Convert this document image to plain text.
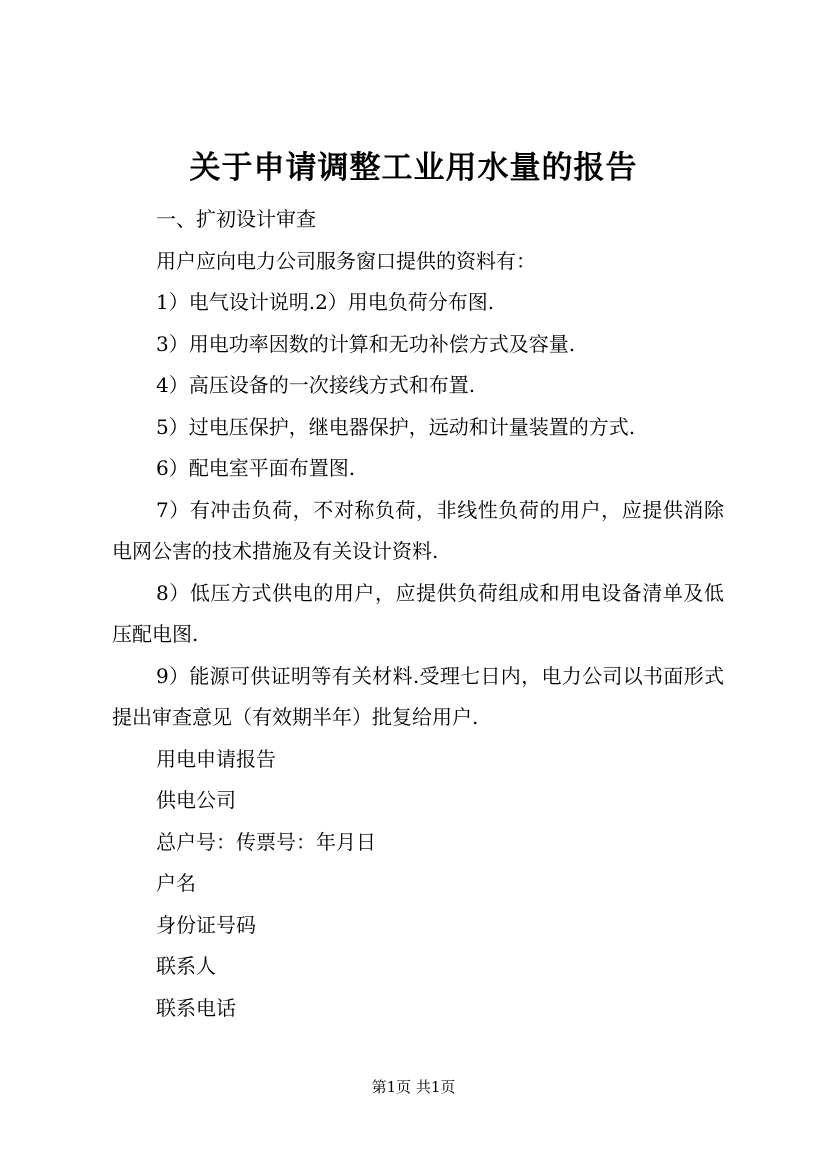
关于申请调整工业用水量的报告

一、扩初设计审查

用户应向电力公司服务窗口提供的资料有：

1）电气设计说明.2）用电负荷分布图.

3）用电功率因数的计算和无功补偿方式及容量.

4）高压设备的一次接线方式和布置.

5）过电压保护，继电器保护，远动和计量装置的方式.

6）配电室平面布置图.

7）有冲击负荷，不对称负荷，非线性负荷的用户，应提供消除电网公害的技术措施及有关设计资料.

8）低压方式供电的用户，应提供负荷组成和用电设备清单及低压配电图.

9）能源可供证明等有关材料.受理七日内，电力公司以书面形式提出审查意见（有效期半年）批复给用户.

用电申请报告

供电公司

总户号：传票号：年月日

户名

身份证号码

联系人

联系电话

第1页 共1页
